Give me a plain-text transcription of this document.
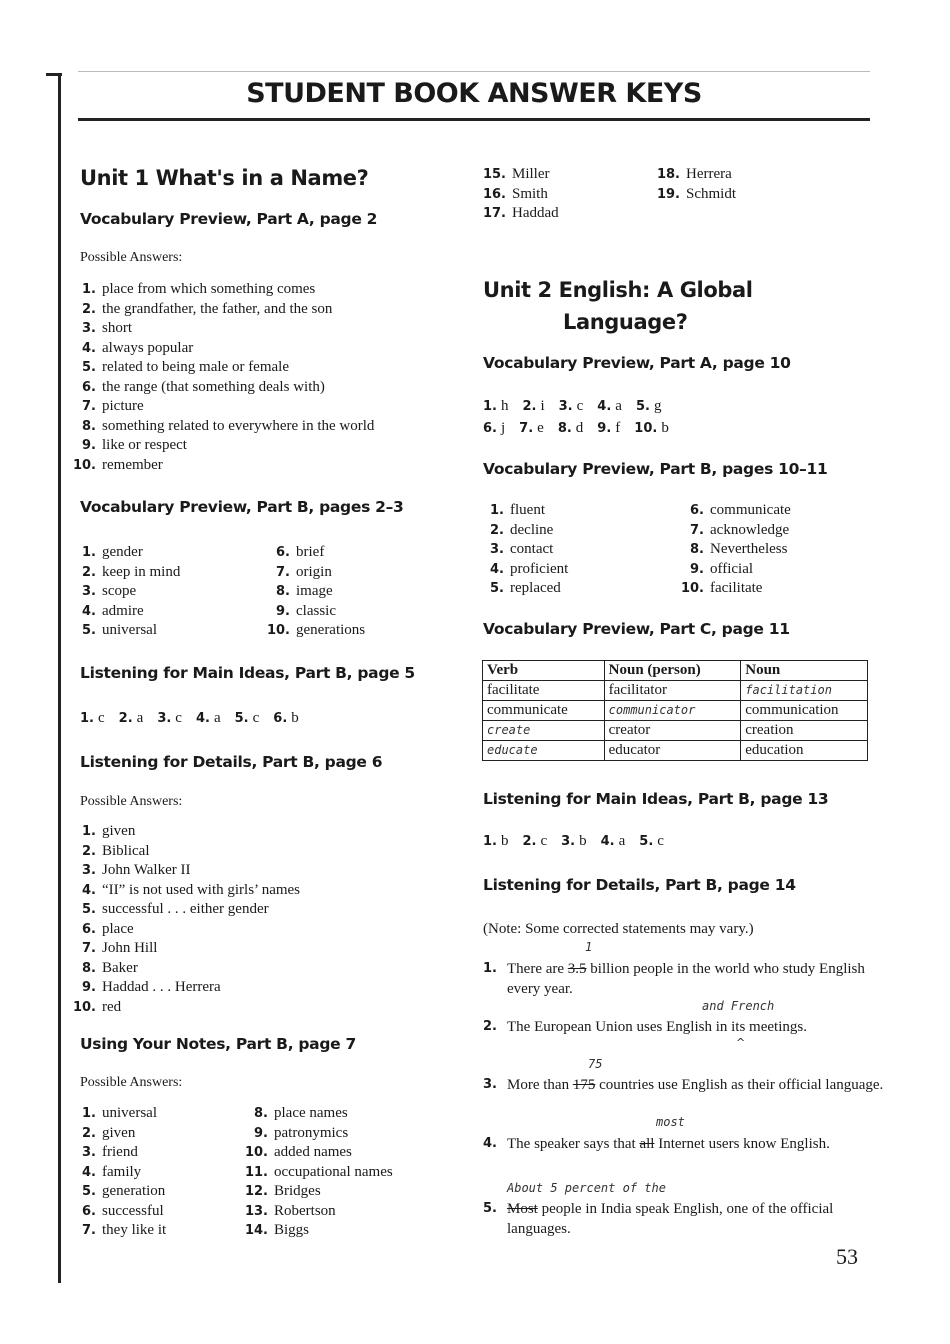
STUDENT BOOK ANSWER KEYS
Unit 1 What's in a Name?
Vocabulary Preview, Part A, page 2
Possible Answers:
1. place from which something comes
2. the grandfather, the father, and the son
3. short
4. always popular
5. related to being male or female
6. the range (that something deals with)
7. picture
8. something related to everywhere in the world
9. like or respect
10. remember
Vocabulary Preview, Part B, pages 2–3
1. gender
2. keep in mind
3. scope
4. admire
5. universal
6. brief
7. origin
8. image
9. classic
10. generations
Listening for Main Ideas, Part B, page 5
1. c 2. a 3. c 4. a 5. c 6. b
Listening for Details, Part B, page 6
Possible Answers:
1. given
2. Biblical
3. John Walker II
4. “II” is not used with girls’ names
5. successful . . . either gender
6. place
7. John Hill
8. Baker
9. Haddad . . . Herrera
10. red
Using Your Notes, Part B, page 7
Possible Answers:
1. universal
2. given
3. friend
4. family
5. generation
6. successful
7. they like it
8. place names
9. patronymics
10. added names
11. occupational names
12. Bridges
13. Robertson
14. Biggs
15. Miller
16. Smith
17. Haddad
18. Herrera
19. Schmidt
Unit 2 English: A Global
Language?
Vocabulary Preview, Part A, page 10
1. h 2. i 3. c 4. a 5. g
6. j 7. e 8. d 9. f 10. b
Vocabulary Preview, Part B, pages 10–11
1. fluent
2. decline
3. contact
4. proficient
5. replaced
6. communicate
7. acknowledge
8. Nevertheless
9. official
10. facilitate
Vocabulary Preview, Part C, page 11
Verb	Noun (person)	Noun
facilitate	facilitator	facilitation
communicate	communicator	communication
create	creator	creation
educate	educator	education
Listening for Main Ideas, Part B, page 13
1. b 2. c 3. b 4. a 5. c
Listening for Details, Part B, page 14
(Note: Some corrected statements may vary.)
1
1. There are 3.5 billion people in the world who study English every year.
and French
2. The European Union uses English in its meetings.
^
75
3. More than 175 countries use English as their official language.
most
4. The speaker says that all Internet users know English.
About 5 percent of the
5. Most people in India speak English, one of the official languages.
53
